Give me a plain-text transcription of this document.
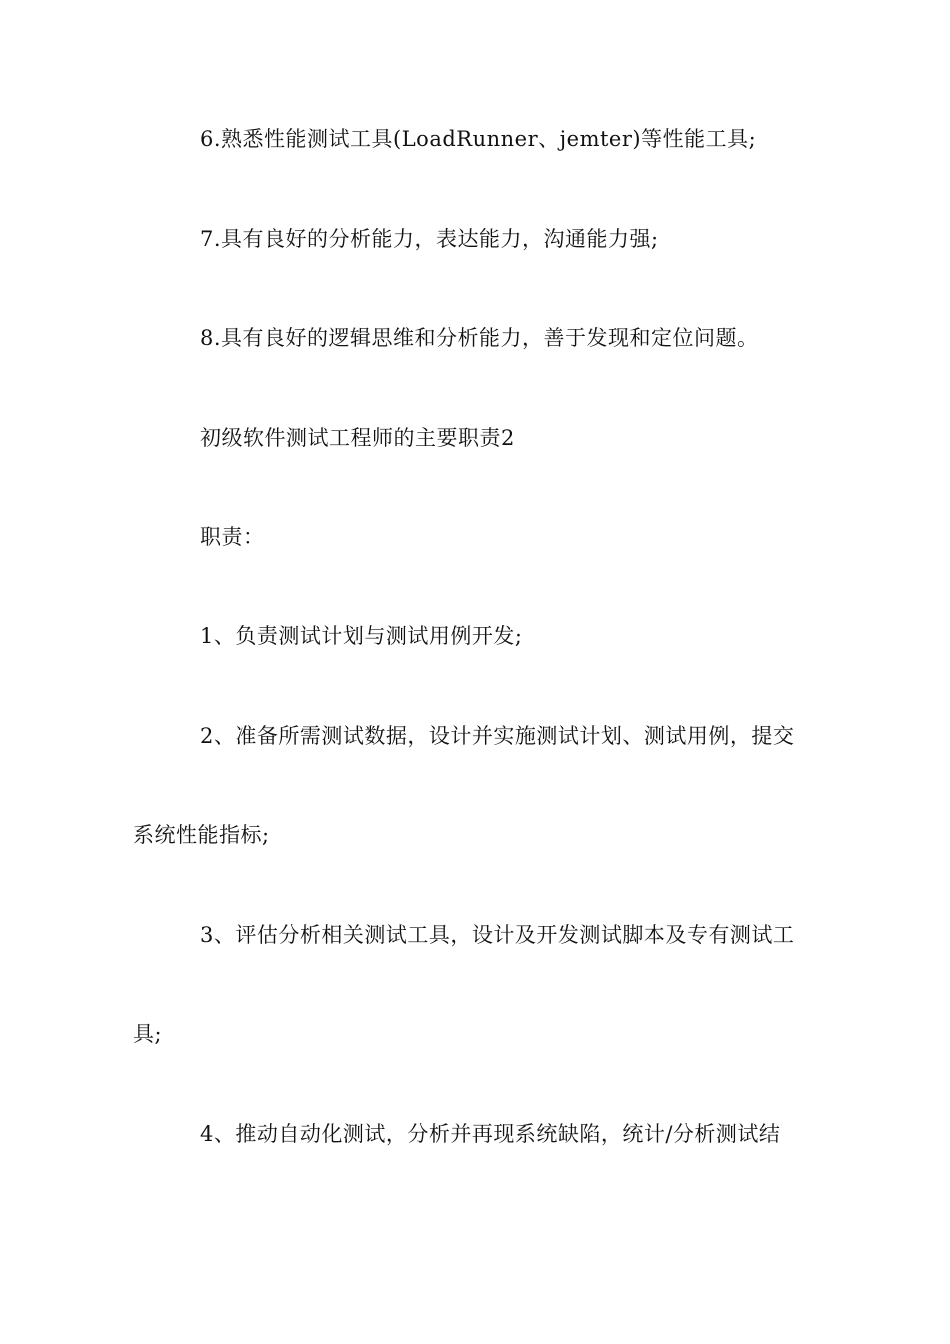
6.熟悉性能测试工具(LoadRunner、jemter)等性能工具;
7.具有良好的分析能力，表达能力，沟通能力强;
8.具有良好的逻辑思维和分析能力，善于发现和定位问题。
初级软件测试工程师的主要职责2
职责：
1、负责测试计划与测试用例开发;
2、准备所需测试数据，设计并实施测试计划、测试用例，提交
系统性能指标;
3、评估分析相关测试工具，设计及开发测试脚本及专有测试工
具;
4、推动自动化测试，分析并再现系统缺陷，统计/分析测试结
